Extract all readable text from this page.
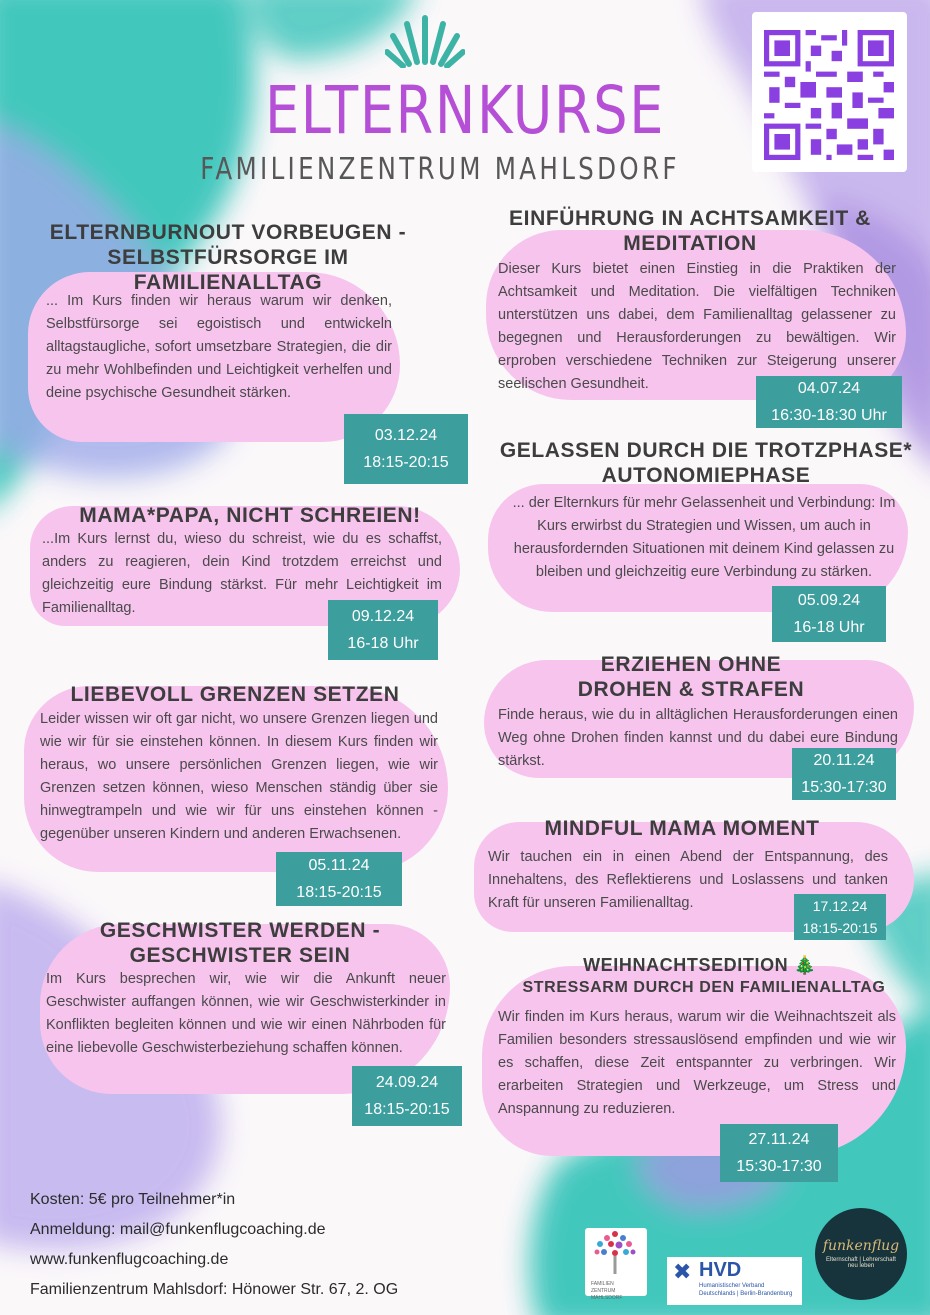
ELTERNKURSE
FAMILIENZENTRUM MAHLSDORF
ELTERNBURNOUT VORBEUGEN - SELBSTFÜRSORGE IM FAMILIENALLTAG

... Im Kurs finden wir heraus warum wir denken, Selbstfürsorge sei egoistisch und entwickeln alltagstaugliche, sofort umsetzbare Strategien, die dir zu mehr Wohlbefinden und Leichtigkeit verhelfen und deine psychische Gesundheit stärken.

03.12.24
18:15-20:15
MAMA*PAPA, NICHT SCHREIEN!

...Im Kurs lernst du, wieso du schreist, wie du es schaffst, anders zu reagieren, dein Kind trotzdem erreichst und gleichzeitig eure Bindung stärkst. Für mehr Leichtigkeit im Familienalltag.	09.12.24
16-18 Uhr
LIEBEVOLL GRENZEN SETZEN

Leider wissen wir oft gar nicht, wo unsere Grenzen liegen und wie wir für sie einstehen können. In diesem Kurs finden wir heraus, wo unsere persönlichen Grenzen liegen, wie wir Grenzen setzen können, wieso Menschen ständig über sie hinwegtrampeln und wie wir für uns einstehen können - gegenüber unseren Kindern und anderen Erwachsenen.

05.11.24
18:15-20:15
GESCHWISTER WERDEN - GESCHWISTER SEIN

Im Kurs besprechen wir, wie wir die Ankunft neuer Geschwister auffangen können, wie wir Geschwisterkinder in Konflikten begleiten können und wie wir einen Nährboden für eine liebevolle Geschwisterbeziehung schaffen können.

24.09.24
18:15-20:15
EINFÜHRUNG IN ACHTSAMKEIT & MEDITATION

Dieser Kurs bietet einen Einstieg in die Praktiken der Achtsamkeit und Meditation. Die vielfältigen Techniken unterstützen uns dabei, dem Familienalltag gelassener zu begegnen und Herausforderungen zu bewältigen. Wir erproben verschiedene Techniken zur Steigerung unserer seelischen Gesundheit.	04.07.24
16:30-18:30 Uhr
GELASSEN DURCH DIE TROTZPHASE* AUTONOMIEPHASE

... der Elternkurs für mehr Gelassenheit und Verbindung: Im Kurs erwirbst du Strategien und Wissen, um auch in herausfordernden Situationen mit deinem Kind gelassen zu bleiben und gleichzeitig eure Verbindung zu stärken.

05.09.24
16-18 Uhr
ERZIEHEN OHNE DROHEN & STRAFEN

Finde heraus, wie du in alltäglichen Herausforderungen einen Weg ohne Drohen finden kannst und du dabei eure Bindung stärkst.	20.11.24
15:30-17:30
MINDFUL MAMA MOMENT

Wir tauchen ein in einen Abend der Entspannung, des Innehaltens, des Reflektierens und Loslassens und tanken Kraft für unseren Familienalltag.	17.12.24
18:15-20:15
WEIHNACHTSEDITION 🎄
STRESSARM DURCH DEN FAMILIENALLTAG

Wir finden im Kurs heraus, warum wir die Weihnachtszeit als Familien besonders stressauslösend empfinden und wie wir es schaffen, diese Zeit entspannter zu verbringen. Wir erarbeiten Strategien und Werkzeuge, um Stress und Anspannung zu reduzieren.

27.11.24
15:30-17:30
Kosten: 5€ pro Teilnehmer*in
Anmeldung: mail@funkenflugcoaching.de
www.funkenflugcoaching.de
Familienzentrum Mahlsdorf: Hönower Str. 67, 2. OG	FAMILIEN
ZENTRUM MAHLSDORF
✖ HVD
Humanistischer Verband
Deutschlands | Berlin-Brandenburg
funkenflug
Elternschaft | Lehrerschaft
neu leben
